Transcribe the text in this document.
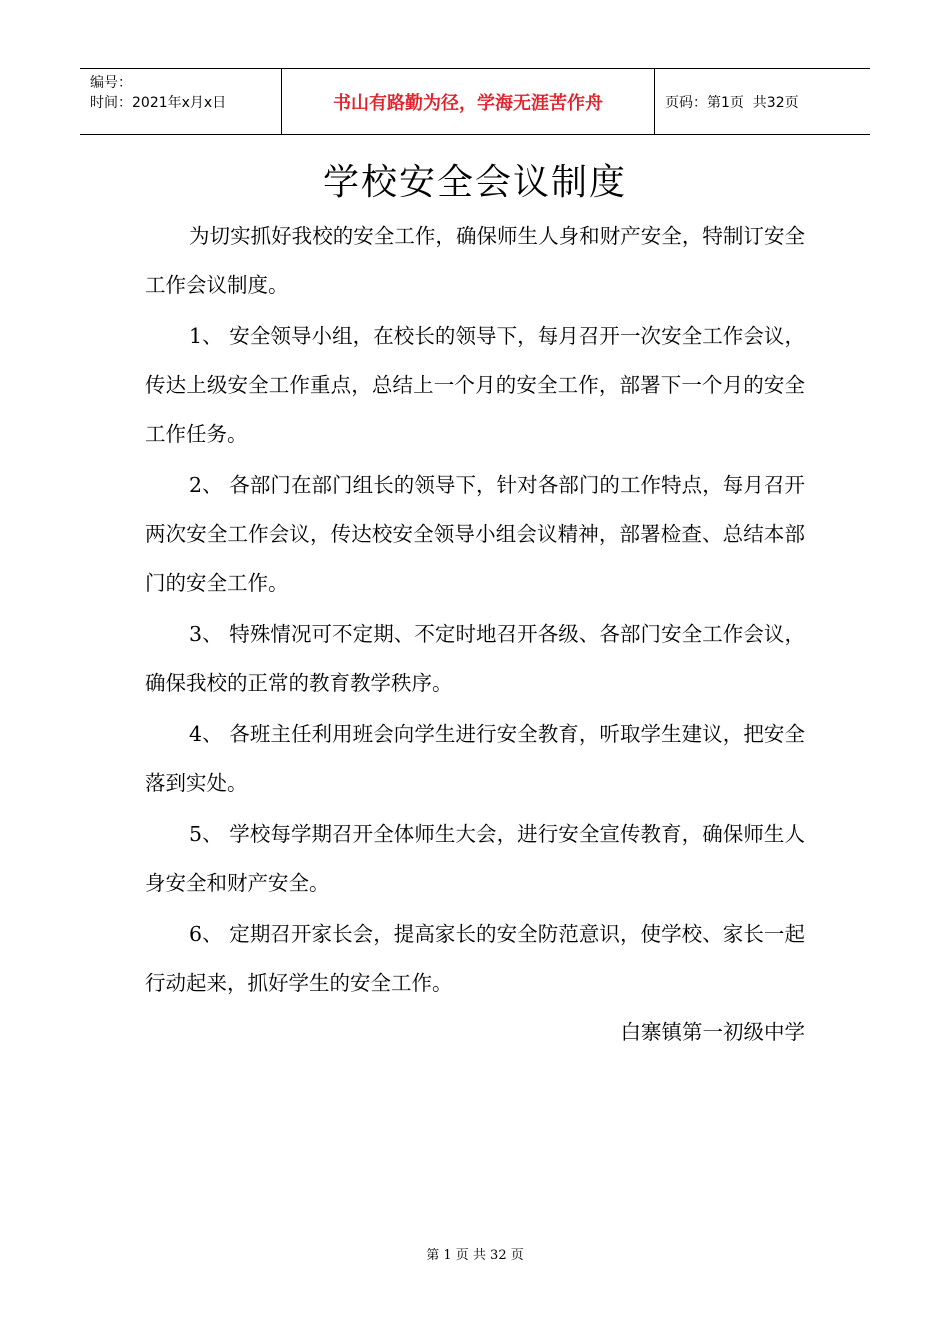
编号：
时间：2021年x月x日	书山有路勤为径，学海无涯苦作舟	页码：第1页  共32页
学校安全会议制度

为切实抓好我校的安全工作，确保师生人身和财产安全，特制订安全工作会议制度。

1、 安全领导小组，在校长的领导下，每月召开一次安全工作会议，传达上级安全工作重点，总结上一个月的安全工作，部署下一个月的安全工作任务。

2、 各部门在部门组长的领导下，针对各部门的工作特点，每月召开两次安全工作会议，传达校安全领导小组会议精神，部署检查、总结本部门的安全工作。

3、 特殊情况可不定期、不定时地召开各级、各部门安全工作会议，确保我校的正常的教育教学秩序。

4、 各班主任利用班会向学生进行安全教育，听取学生建议，把安全落到实处。

5、 学校每学期召开全体师生大会，进行安全宣传教育，确保师生人身安全和财产安全。

6、 定期召开家长会，提高家长的安全防范意识，使学校、家长一起行动起来，抓好学生的安全工作。

白寨镇第一初级中学

第 1 页 共 32 页
